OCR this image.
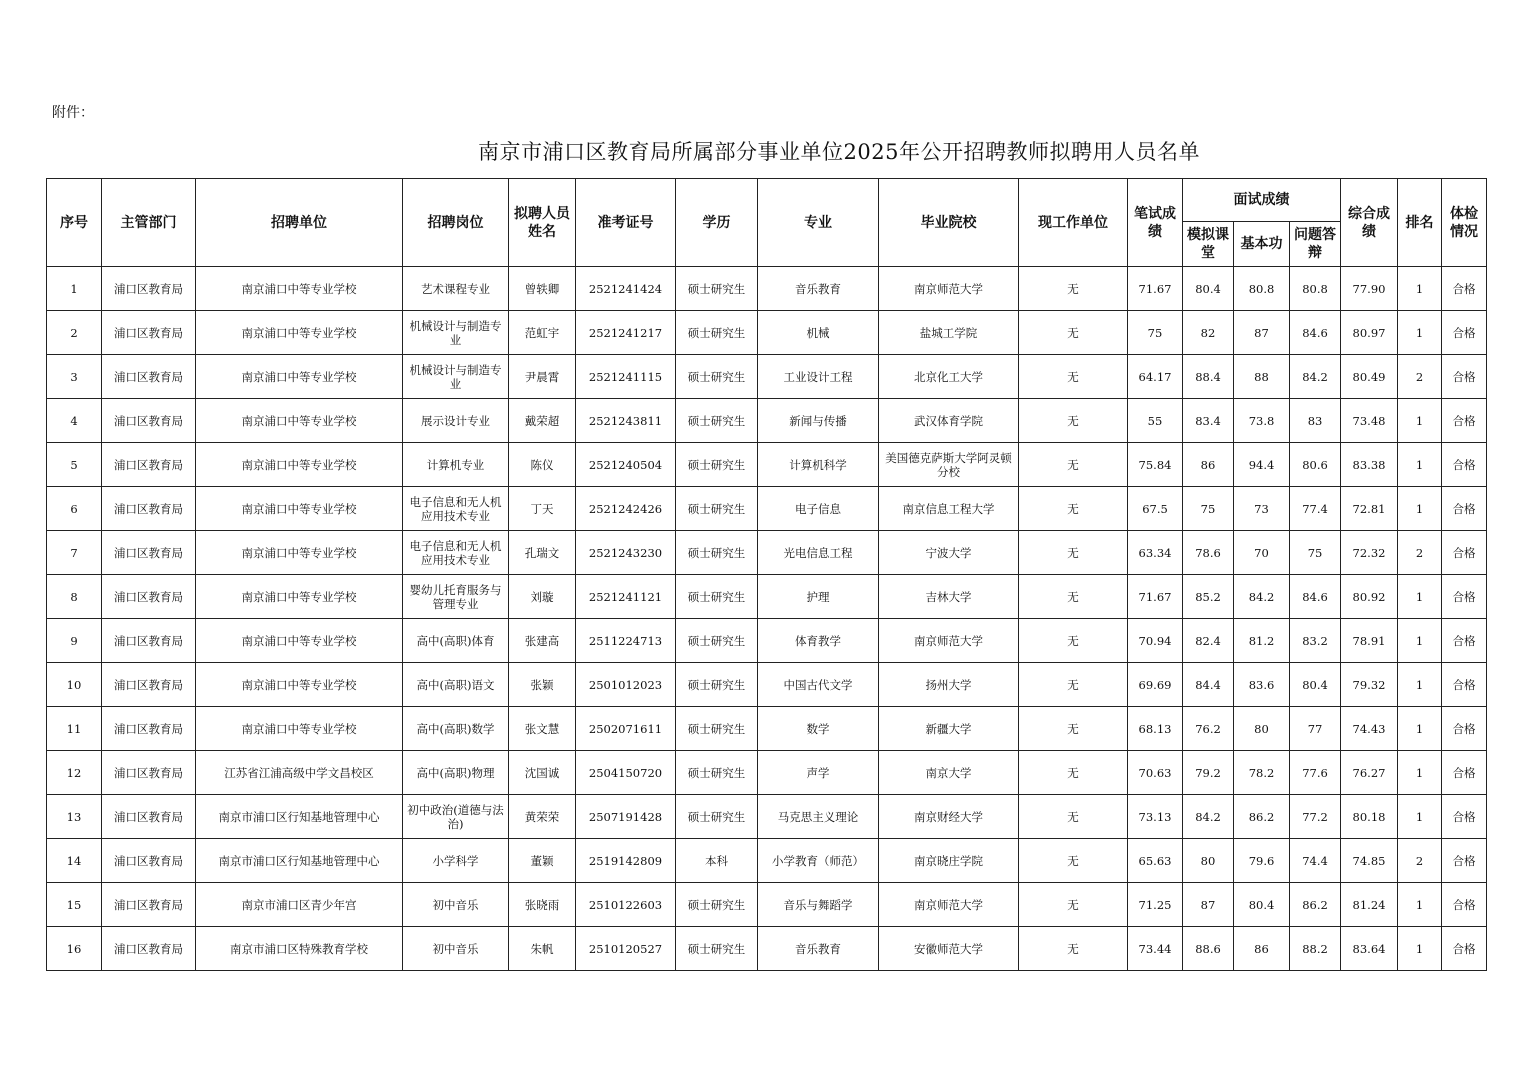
附件：
南京市浦口区教育局所属部分事业单位2025年公开招聘教师拟聘用人员名单
序号	主管部门	招聘单位	招聘岗位	拟聘人员姓名	准考证号	学历	专业	毕业院校	现工作单位	笔试成绩	面试成绩			综合成绩	排名	体检情况
											模拟课堂	基本功	问题答辩			
1	浦口区教育局	南京浦口中等专业学校	艺术课程专业	曾轶卿	2521241424	硕士研究生	音乐教育	南京师范大学	无	71.67	80.4	80.8	80.8	77.90	1	合格
2	浦口区教育局	南京浦口中等专业学校	机械设计与制造专业	范虹宇	2521241217	硕士研究生	机械	盐城工学院	无	75	82	87	84.6	80.97	1	合格
3	浦口区教育局	南京浦口中等专业学校	机械设计与制造专业	尹晨霄	2521241115	硕士研究生	工业设计工程	北京化工大学	无	64.17	88.4	88	84.2	80.49	2	合格
4	浦口区教育局	南京浦口中等专业学校	展示设计专业	戴荣超	2521243811	硕士研究生	新闻与传播	武汉体育学院	无	55	83.4	73.8	83	73.48	1	合格
5	浦口区教育局	南京浦口中等专业学校	计算机专业	陈仪	2521240504	硕士研究生	计算机科学	美国德克萨斯大学阿灵顿分校	无	75.84	86	94.4	80.6	83.38	1	合格
6	浦口区教育局	南京浦口中等专业学校	电子信息和无人机应用技术专业	丁天	2521242426	硕士研究生	电子信息	南京信息工程大学	无	67.5	75	73	77.4	72.81	1	合格
7	浦口区教育局	南京浦口中等专业学校	电子信息和无人机应用技术专业	孔瑞文	2521243230	硕士研究生	光电信息工程	宁波大学	无	63.34	78.6	70	75	72.32	2	合格
8	浦口区教育局	南京浦口中等专业学校	婴幼儿托育服务与管理专业	刘璇	2521241121	硕士研究生	护理	吉林大学	无	71.67	85.2	84.2	84.6	80.92	1	合格
9	浦口区教育局	南京浦口中等专业学校	高中(高职)体育	张建高	2511224713	硕士研究生	体育教学	南京师范大学	无	70.94	82.4	81.2	83.2	78.91	1	合格
10	浦口区教育局	南京浦口中等专业学校	高中(高职)语文	张颖	2501012023	硕士研究生	中国古代文学	扬州大学	无	69.69	84.4	83.6	80.4	79.32	1	合格
11	浦口区教育局	南京浦口中等专业学校	高中(高职)数学	张文慧	2502071611	硕士研究生	数学	新疆大学	无	68.13	76.2	80	77	74.43	1	合格
12	浦口区教育局	江苏省江浦高级中学文昌校区	高中(高职)物理	沈国诚	2504150720	硕士研究生	声学	南京大学	无	70.63	79.2	78.2	77.6	76.27	1	合格
13	浦口区教育局	南京市浦口区行知基地管理中心	初中政治(道德与法治)	黄荣荣	2507191428	硕士研究生	马克思主义理论	南京财经大学	无	73.13	84.2	86.2	77.2	80.18	1	合格
14	浦口区教育局	南京市浦口区行知基地管理中心	小学科学	董颖	2519142809	本科	小学教育（师范）	南京晓庄学院	无	65.63	80	79.6	74.4	74.85	2	合格
15	浦口区教育局	南京市浦口区青少年宫	初中音乐	张晓雨	2510122603	硕士研究生	音乐与舞蹈学	南京师范大学	无	71.25	87	80.4	86.2	81.24	1	合格
16	浦口区教育局	南京市浦口区特殊教育学校	初中音乐	朱帆	2510120527	硕士研究生	音乐教育	安徽师范大学	无	73.44	88.6	86	88.2	83.64	1	合格
